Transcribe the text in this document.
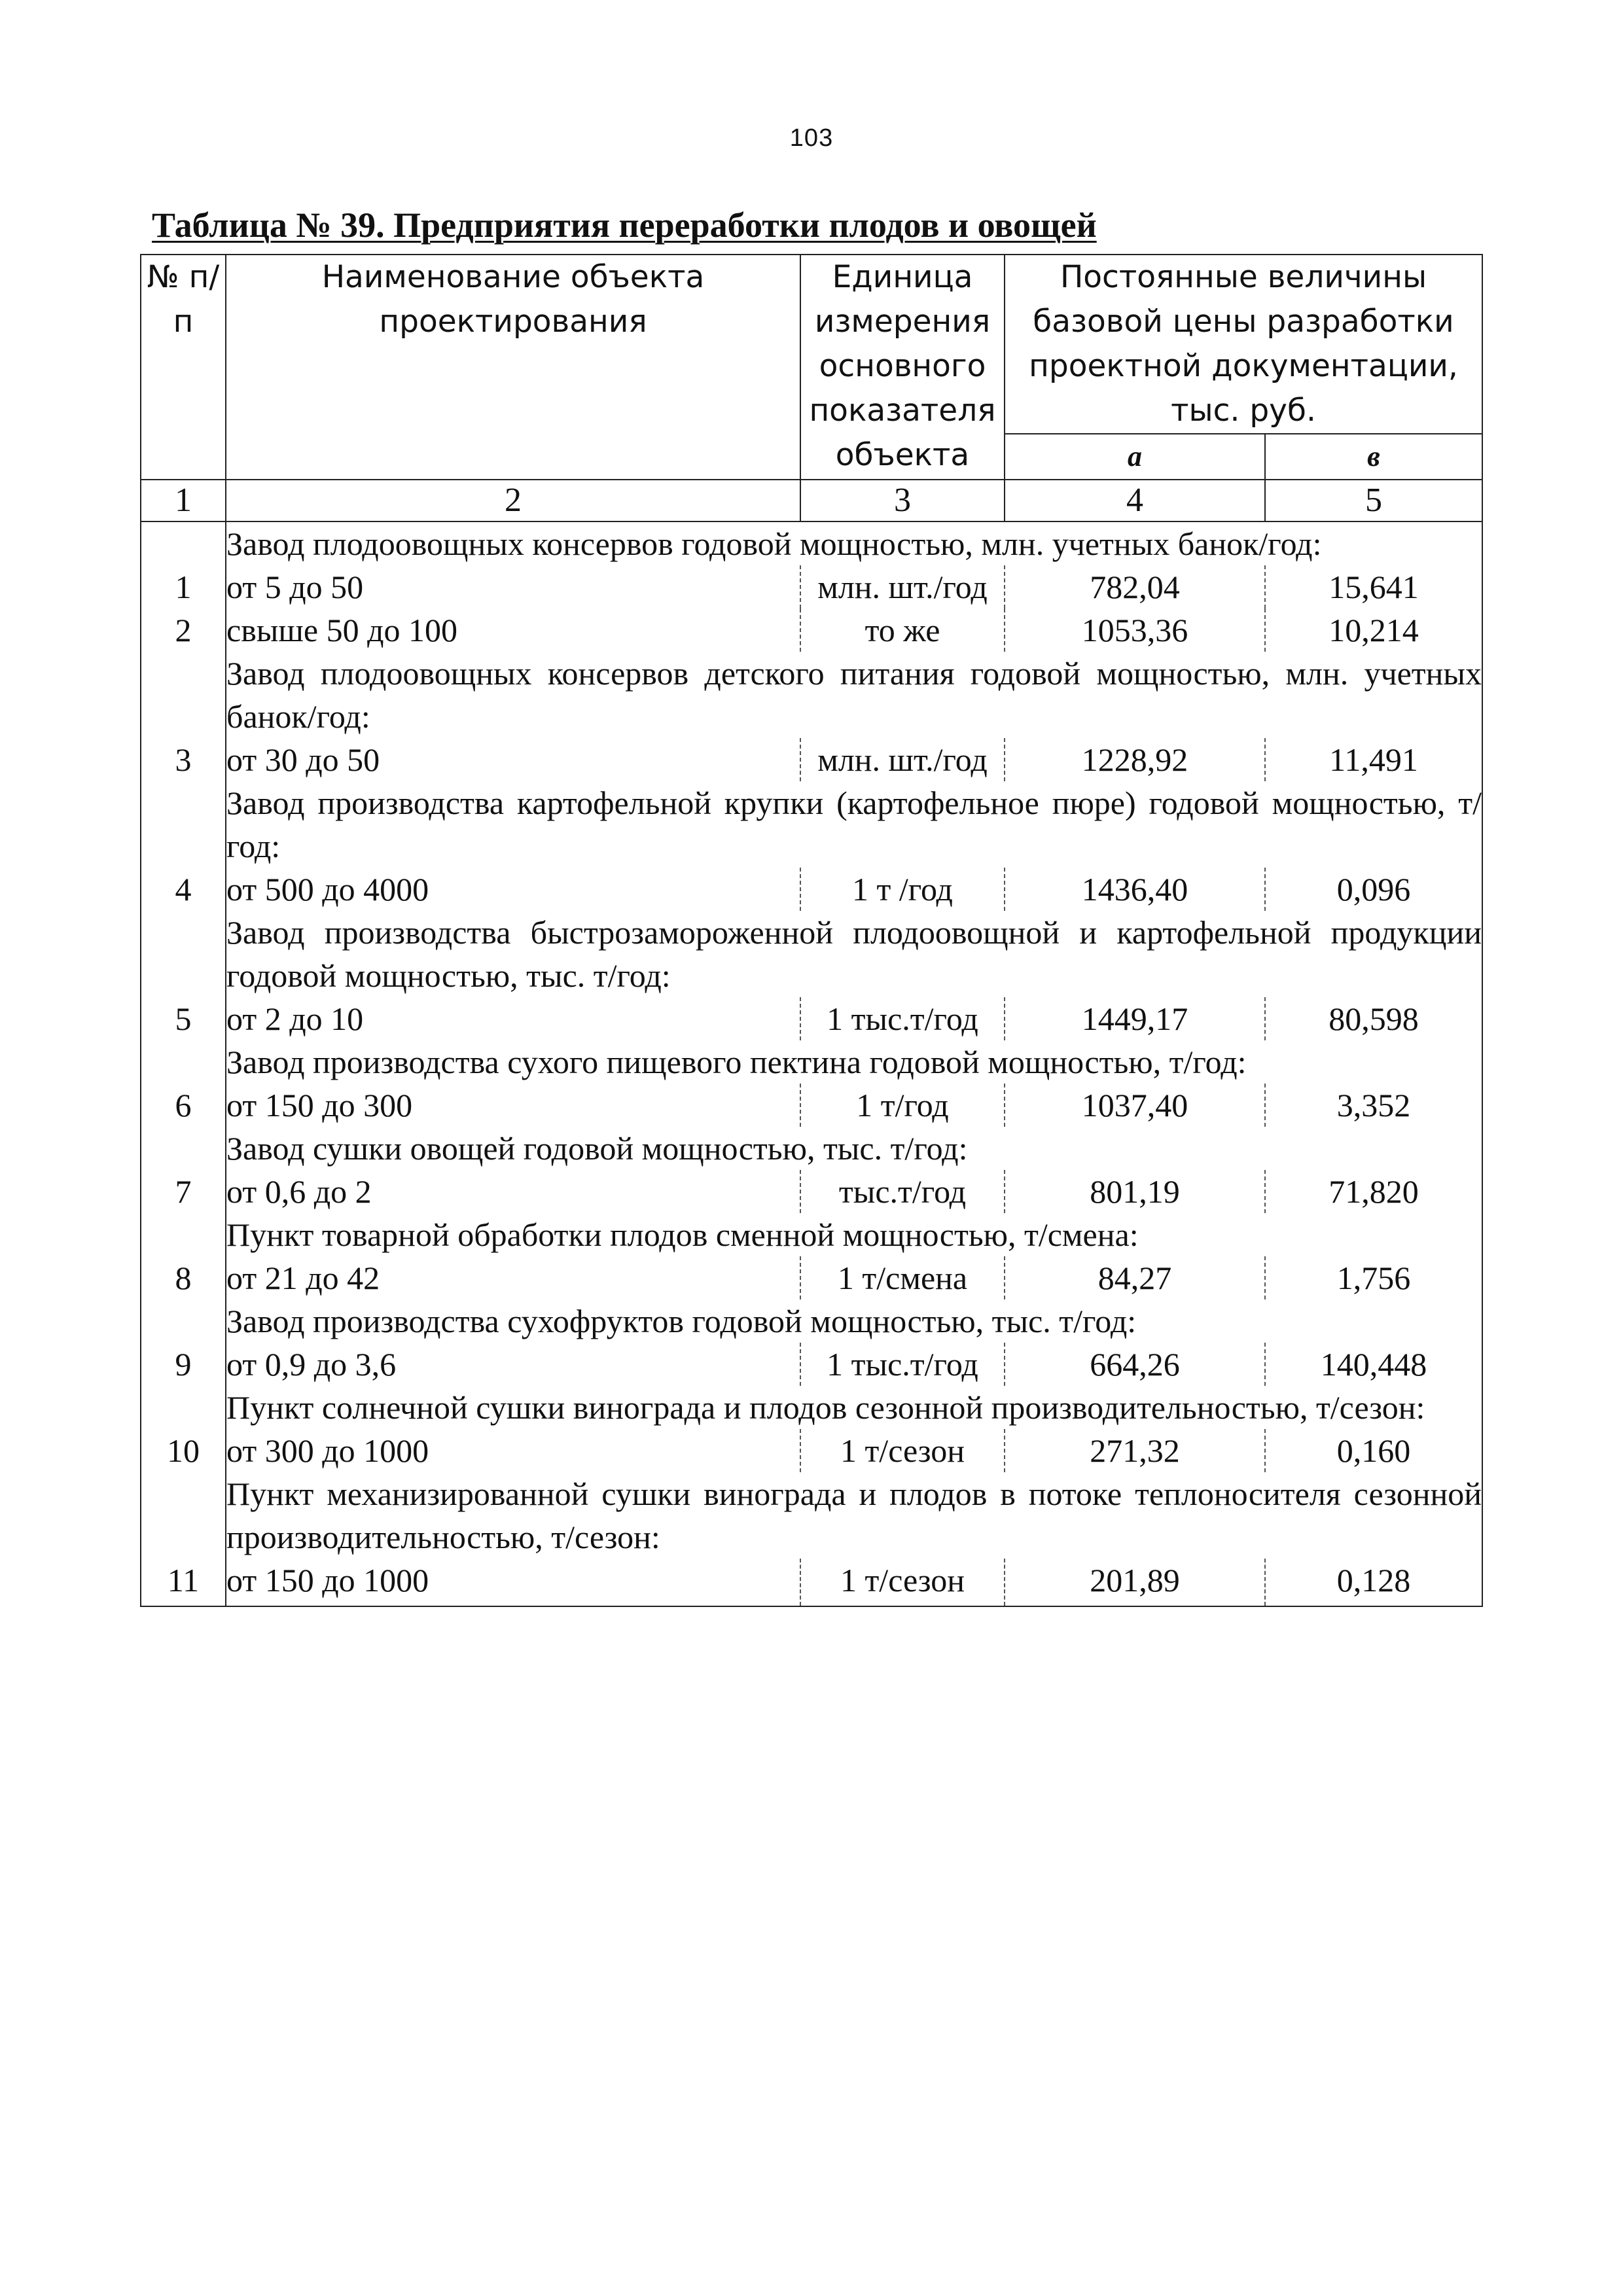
103
Таблица № 39. Предприятия переработки плодов и овощей
№ п/п	Наименование объекта проектирования	Единица измерения основного показателя объекта	Постоянные величины базовой цены разработки проектной документации, тыс. руб.	
			а	в
1	2	3	4	5
	Завод плодоовощных консервов годовой мощностью, млн. учетных банок/год:			
1	от 5 до 50	млн. шт./год	782,04	15,641
2	свыше 50 до 100	то же	1053,36	10,214
	Завод плодоовощных консервов детского питания годовой мощностью, млн. учетных банок/год:			
3	от 30 до 50	млн. шт./год	1228,92	11,491
	Завод производства картофельной крупки (картофельное пюре) годовой мощностью, т/год:			
4	от 500 до 4000	1 т /год	1436,40	0,096
	Завод производства быстрозамороженной плодоовощной и картофельной продукции годовой мощностью, тыс. т/год:			
5	от 2 до 10	1 тыс.т/год	1449,17	80,598
	Завод производства сухого пищевого пектина годовой мощностью, т/год:			
6	от 150 до 300	1 т/год	1037,40	3,352
	Завод сушки овощей годовой мощностью, тыс. т/год:			
7	от 0,6 до 2	тыс.т/год	801,19	71,820
	Пункт товарной обработки плодов сменной мощностью, т/смена:			
8	от 21 до 42	1 т/смена	84,27	1,756
	Завод производства сухофруктов годовой мощностью, тыс. т/год:			
9	от 0,9 до 3,6	1 тыс.т/год	664,26	140,448
	Пункт солнечной сушки винограда и плодов сезонной производительностью, т/сезон:			
10	от 300 до 1000	1 т/сезон	271,32	0,160
	Пункт механизированной сушки винограда и плодов в потоке теплоносителя сезонной производительностью, т/сезон:			
11	от 150 до 1000	1 т/сезон	201,89	0,128
